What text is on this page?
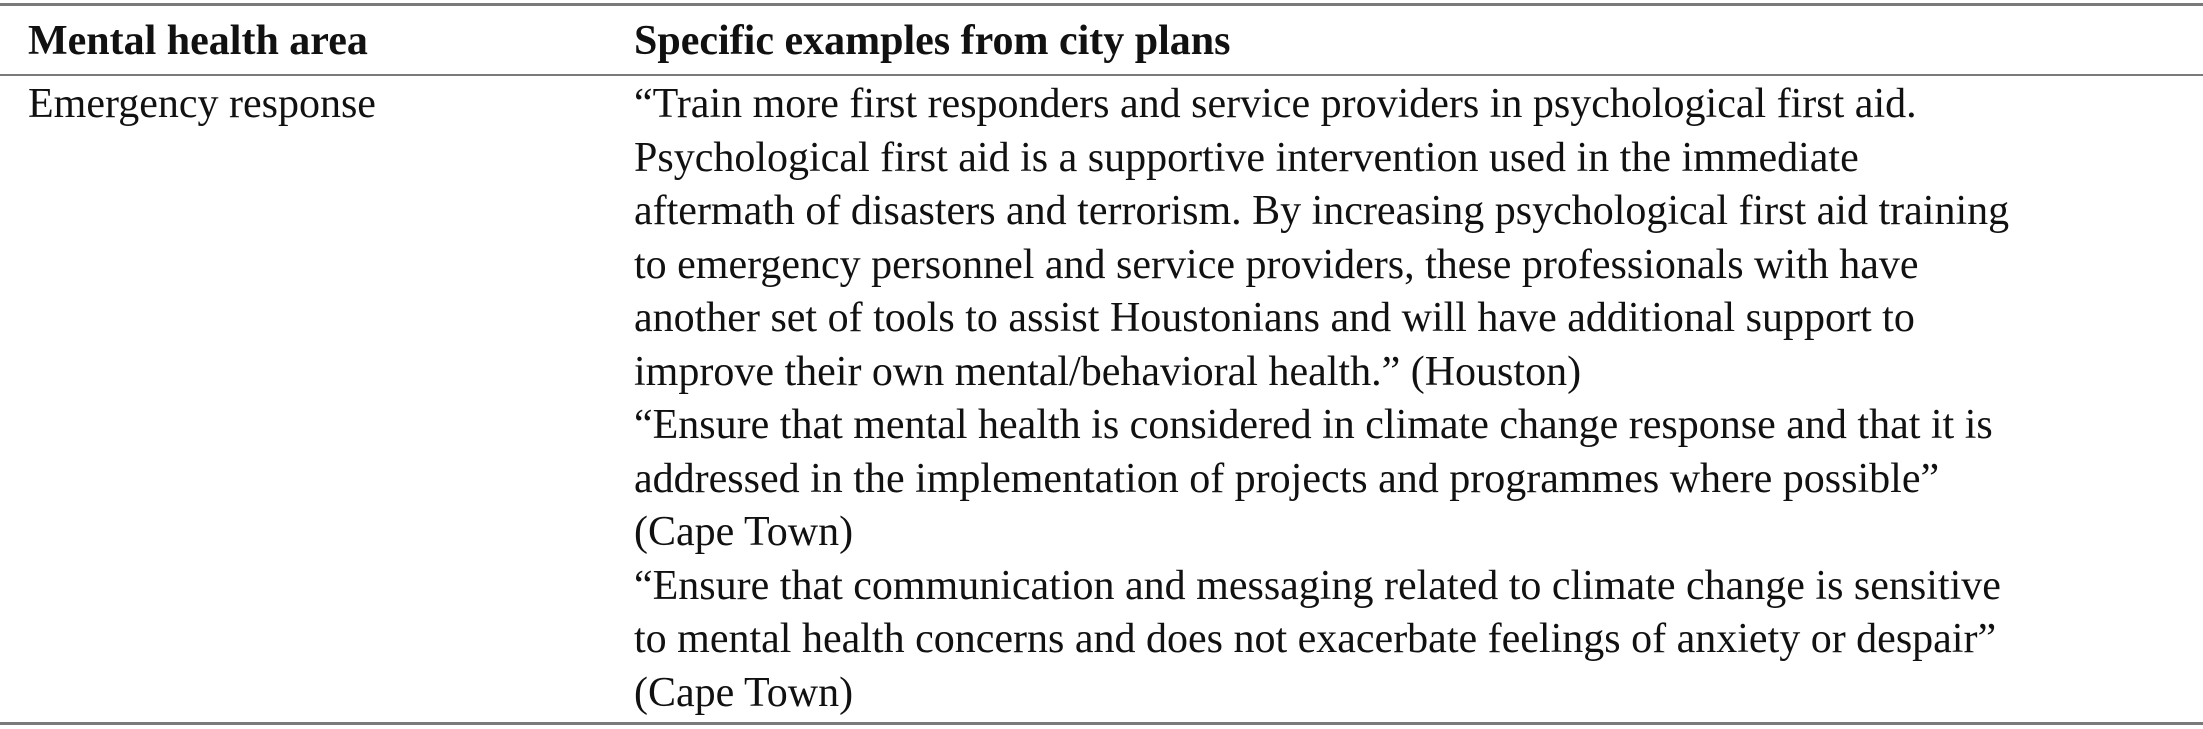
Mental health area	Specific examples from city plans
Emergency response	“Train more first responders and service providers in psychological first aid.
Psychological first aid is a supportive intervention used in the immediate
aftermath of disasters and terrorism. By increasing psychological first aid training
to emergency personnel and service providers, these professionals with have
another set of tools to assist Houstonians and will have additional support to
improve their own mental/behavioral health.” (Houston)

“Ensure that mental health is considered in climate change response and that it is
addressed in the implementation of projects and programmes where possible”
(Cape Town)

“Ensure that communication and messaging related to climate change is sensitive
to mental health concerns and does not exacerbate feelings of anxiety or despair”
(Cape Town)
